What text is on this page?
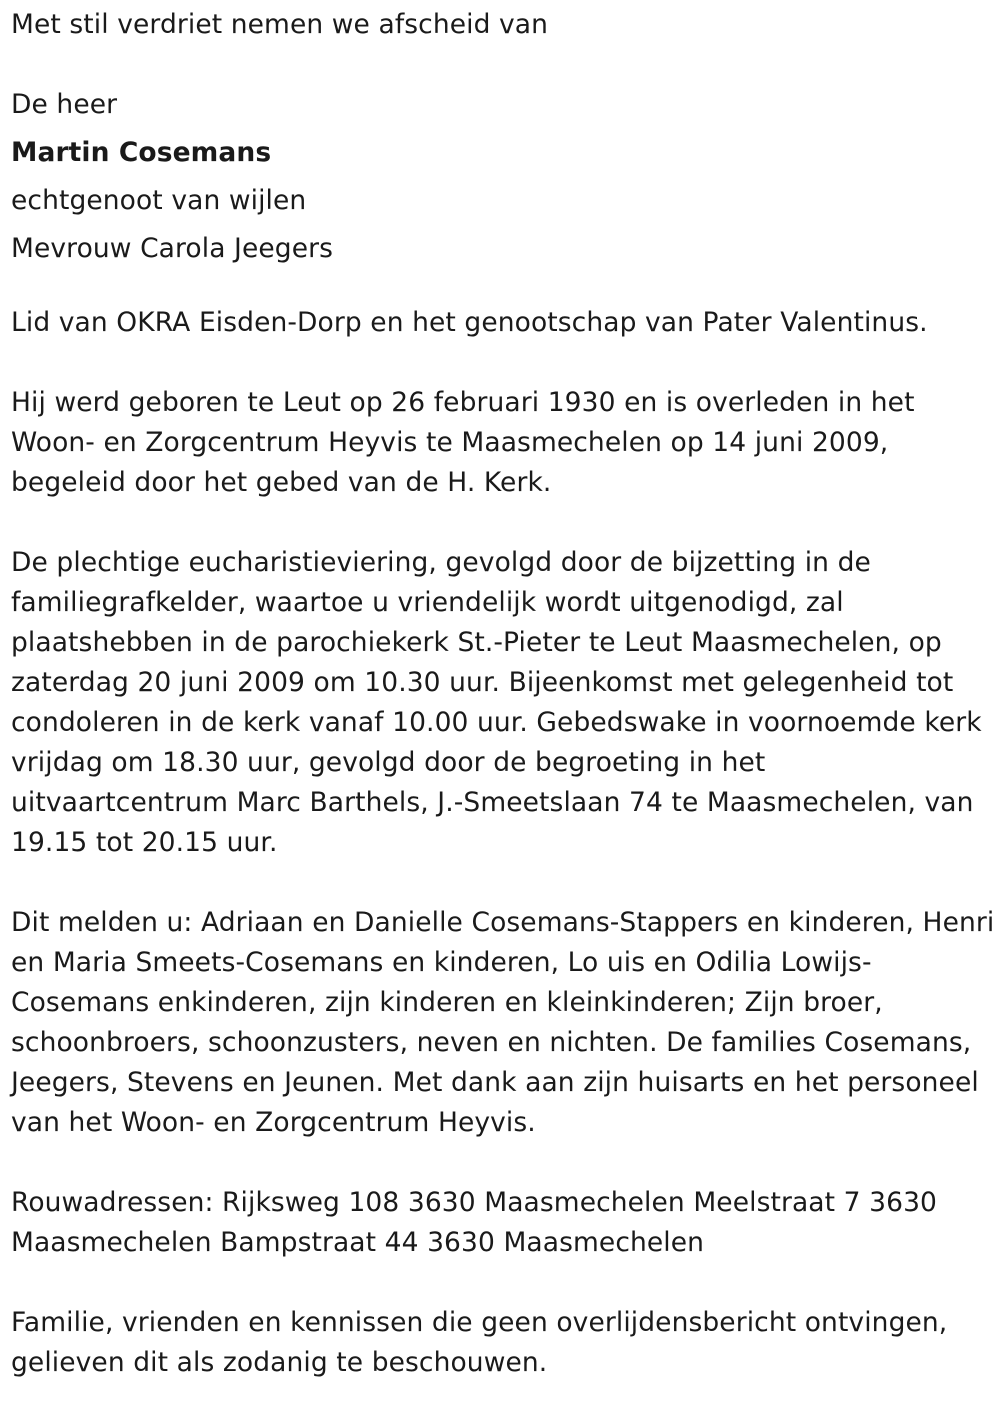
Met stil verdriet nemen we afscheid van

De heer

Martin Cosemans

echtgenoot van wijlen

Mevrouw Carola Jeegers

Lid van OKRA Eisden-Dorp en het genootschap van Pater Valentinus.
Hij werd geboren te Leut op 26 februari 1930 en is overleden in het
Woon- en Zorgcentrum Heyvis te Maasmechelen op 14 juni 2009,
begeleid door het gebed van de H. Kerk.
De plechtige eucharistieviering, gevolgd door de bijzetting in de
familiegrafkelder, waartoe u vriendelijk wordt uitgenodigd, zal
plaatshebben in de parochiekerk St.-Pieter te Leut Maasmechelen, op
zaterdag 20 juni 2009 om 10.30 uur. Bijeenkomst met gelegenheid tot
condoleren in de kerk vanaf 10.00 uur. Gebedswake in voornoemde kerk
vrijdag om 18.30 uur, gevolgd door de begroeting in het
uitvaartcentrum Marc Barthels, J.-Smeetslaan 74 te Maasmechelen, van
19.15 tot 20.15 uur.
Dit melden u: Adriaan en Danielle Cosemans-Stappers en kinderen, Henri
en Maria Smeets-Cosemans en kinderen, Lo uis en Odilia Lowijs-
Cosemans enkinderen, zijn kinderen en kleinkinderen; Zijn broer,
schoonbroers, schoonzusters, neven en nichten. De families Cosemans,
Jeegers, Stevens en Jeunen. Met dank aan zijn huisarts en het personeel
van het Woon- en Zorgcentrum Heyvis.
Rouwadressen: Rijksweg 108 3630 Maasmechelen Meelstraat 7 3630
Maasmechelen Bampstraat 44 3630 Maasmechelen
Familie, vrienden en kennissen die geen overlijdensbericht ontvingen,
gelieven dit als zodanig te beschouwen.
